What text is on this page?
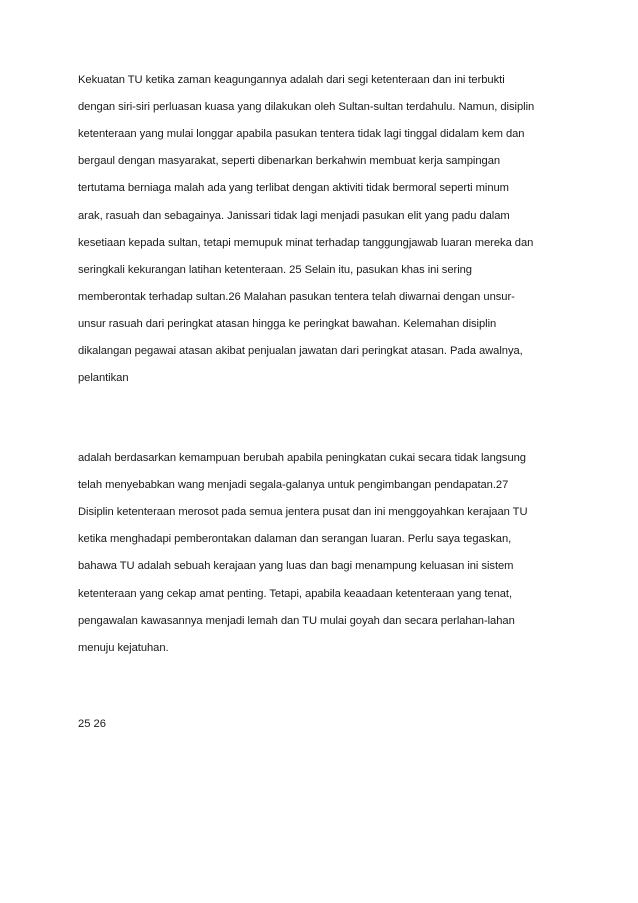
Kekuatan TU ketika zaman keagungannya adalah dari segi ketenteraan dan ini terbukti
dengan siri-siri perluasan kuasa yang dilakukan oleh Sultan-sultan terdahulu. Namun, disiplin
ketenteraan yang mulai longgar apabila pasukan tentera tidak lagi tinggal didalam kem dan
bergaul dengan masyarakat, seperti dibenarkan berkahwin membuat kerja sampingan
tertutama berniaga malah ada yang terlibat dengan aktiviti tidak bermoral seperti minum
arak, rasuah dan sebagainya. Janissari tidak lagi menjadi pasukan elit yang padu dalam
kesetiaan kepada sultan, tetapi memupuk minat terhadap tanggungjawab luaran mereka dan
seringkali kekurangan latihan ketenteraan. 25 Selain itu, pasukan khas ini sering
memberontak terhadap sultan.26 Malahan pasukan tentera telah diwarnai dengan unsur-
unsur rasuah dari peringkat atasan hingga ke peringkat bawahan. Kelemahan disiplin
dikalangan pegawai atasan akibat penjualan jawatan dari peringkat atasan. Pada awalnya,
pelantikan
adalah berdasarkan kemampuan berubah apabila peningkatan cukai secara tidak langsung
telah menyebabkan wang menjadi segala-galanya untuk pengimbangan pendapatan.27
Disiplin ketenteraan merosot pada semua jentera pusat dan ini menggoyahkan kerajaan TU
ketika menghadapi pemberontakan dalaman dan serangan luaran. Perlu saya tegaskan,
bahawa TU adalah sebuah kerajaan yang luas dan bagi menampung keluasan ini sistem
ketenteraan yang cekap amat penting. Tetapi, apabila keaadaan ketenteraan yang tenat,
pengawalan kawasannya menjadi lemah dan TU mulai goyah dan secara perlahan-lahan
menuju kejatuhan.
25 26
